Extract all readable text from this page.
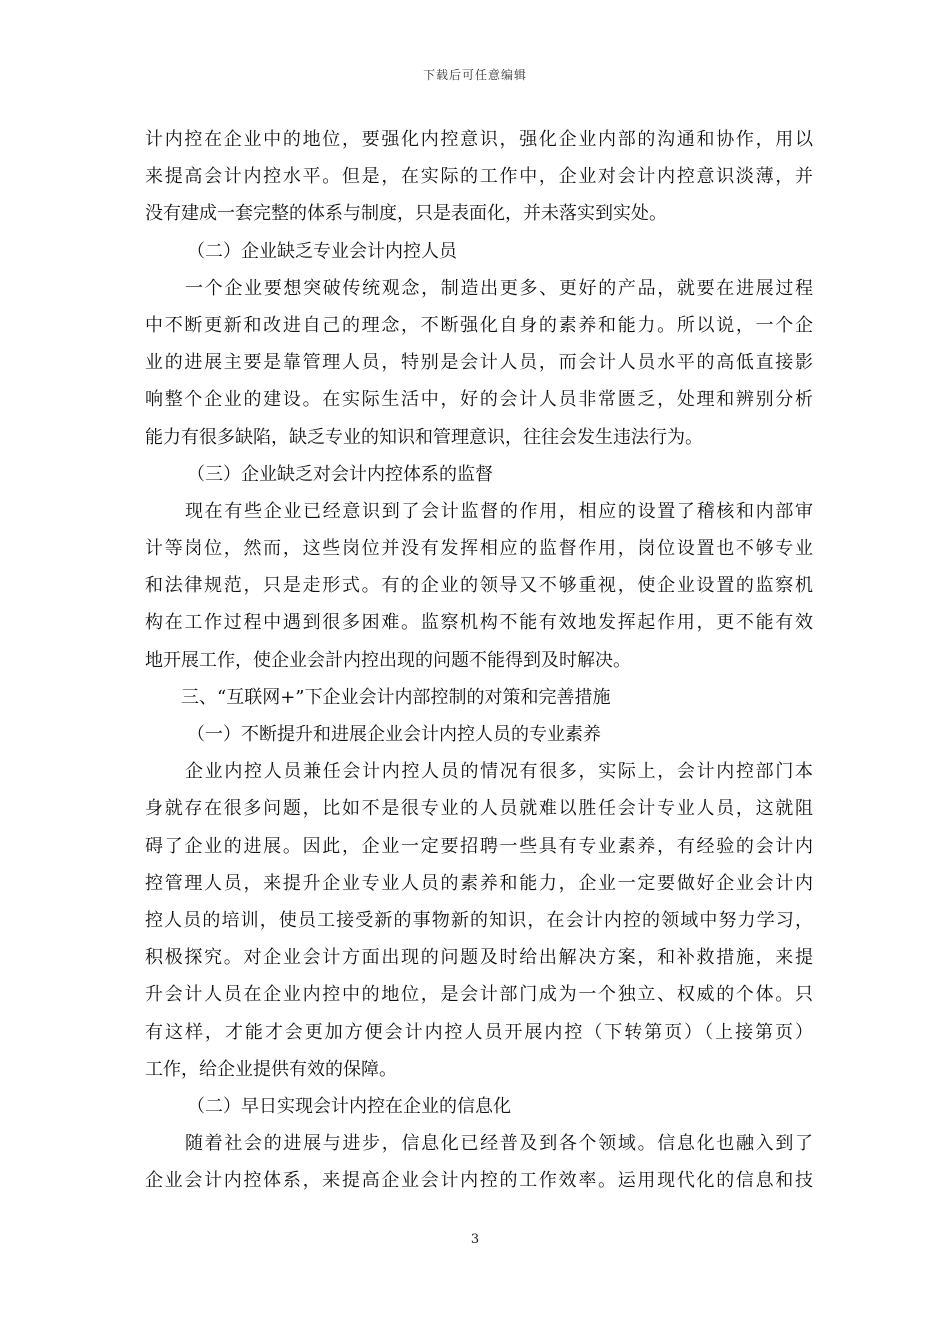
下载后可任意编辑
计内控在企业中的地位，要强化内控意识，强化企业内部的沟通和协作，用以
来提高会计内控水平。但是，在实际的工作中，企业对会计内控意识淡薄，并
没有建成一套完整的体系与制度，只是表面化，并未落实到实处。
（二）企业缺乏专业会计内控人员
一个企业要想突破传统观念，制造出更多、更好的产品，就要在进展过程
中不断更新和改进自己的理念，不断强化自身的素养和能力。所以说，一个企
业的进展主要是靠管理人员，特别是会计人员，而会计人员水平的高低直接影
响整个企业的建设。在实际生活中，好的会计人员非常匮乏，处理和辨别分析
能力有很多缺陷，缺乏专业的知识和管理意识，往往会发生违法行为。
（三）企业缺乏对会计内控体系的监督
现在有些企业已经意识到了会计监督的作用，相应的设置了稽核和内部审
计等岗位，然而，这些岗位并没有发挥相应的监督作用，岗位设置也不够专业
和法律规范，只是走形式。有的企业的领导又不够重视，使企业设置的监察机
构在工作过程中遇到很多困难。监察机构不能有效地发挥起作用，更不能有效
地开展工作，使企业会計内控出现的问题不能得到及时解决。
三、“互联网+”下企业会计内部控制的对策和完善措施
（一）不断提升和进展企业会计内控人员的专业素养
企业内控人员兼任会计内控人员的情况有很多，实际上，会计内控部门本
身就存在很多问题，比如不是很专业的人员就难以胜任会计专业人员，这就阻
碍了企业的进展。因此，企业一定要招聘一些具有专业素养，有经验的会计内
控管理人员，来提升企业专业人员的素养和能力，企业一定要做好企业会计内
控人员的培训，使员工接受新的事物新的知识，在会计内控的领域中努力学习，
积极探究。对企业会计方面出现的问题及时给出解决方案，和补救措施，来提
升会计人员在企业内控中的地位，是会计部门成为一个独立、权威的个体。只
有这样，才能才会更加方便会计内控人员开展内控（下转第页）（上接第页）
工作，给企业提供有效的保障。
（二）早日实现会计内控在企业的信息化
随着社会的进展与进步，信息化已经普及到各个领域。信息化也融入到了
企业会计内控体系，来提高企业会计内控的工作效率。运用现代化的信息和技
3
